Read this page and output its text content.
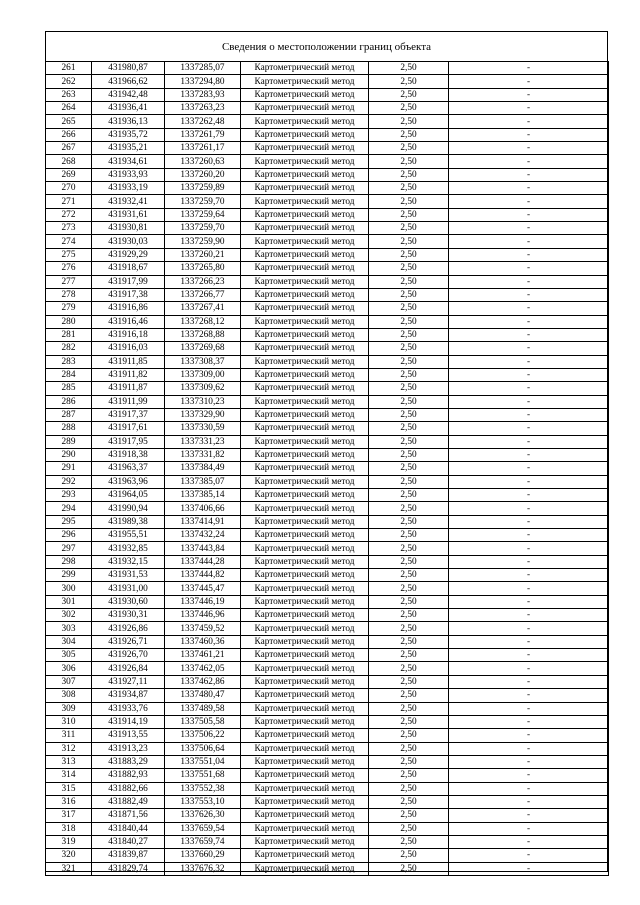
Сведения о местоположении границ объекта
261	431980,87	1337285,07	Картометрический метод	2,50	-
262	431966,62	1337294,80	Картометрический метод	2,50	-
263	431942,48	1337283,93	Картометрический метод	2,50	-
264	431936,41	1337263,23	Картометрический метод	2,50	-
265	431936,13	1337262,48	Картометрический метод	2,50	-
266	431935,72	1337261,79	Картометрический метод	2,50	-
267	431935,21	1337261,17	Картометрический метод	2,50	-
268	431934,61	1337260,63	Картометрический метод	2,50	-
269	431933,93	1337260,20	Картометрический метод	2,50	-
270	431933,19	1337259,89	Картометрический метод	2,50	-
271	431932,41	1337259,70	Картометрический метод	2,50	-
272	431931,61	1337259,64	Картометрический метод	2,50	-
273	431930,81	1337259,70	Картометрический метод	2,50	-
274	431930,03	1337259,90	Картометрический метод	2,50	-
275	431929,29	1337260,21	Картометрический метод	2,50	-
276	431918,67	1337265,80	Картометрический метод	2,50	-
277	431917,99	1337266,23	Картометрический метод	2,50	-
278	431917,38	1337266,77	Картометрический метод	2,50	-
279	431916,86	1337267,41	Картометрический метод	2,50	-
280	431916,46	1337268,12	Картометрический метод	2,50	-
281	431916,18	1337268,88	Картометрический метод	2,50	-
282	431916,03	1337269,68	Картометрический метод	2,50	-
283	431911,85	1337308,37	Картометрический метод	2,50	-
284	431911,82	1337309,00	Картометрический метод	2,50	-
285	431911,87	1337309,62	Картометрический метод	2,50	-
286	431911,99	1337310,23	Картометрический метод	2,50	-
287	431917,37	1337329,90	Картометрический метод	2,50	-
288	431917,61	1337330,59	Картометрический метод	2,50	-
289	431917,95	1337331,23	Картометрический метод	2,50	-
290	431918,38	1337331,82	Картометрический метод	2,50	-
291	431963,37	1337384,49	Картометрический метод	2,50	-
292	431963,96	1337385,07	Картометрический метод	2,50	-
293	431964,05	1337385,14	Картометрический метод	2,50	-
294	431990,94	1337406,66	Картометрический метод	2,50	-
295	431989,38	1337414,91	Картометрический метод	2,50	-
296	431955,51	1337432,24	Картометрический метод	2,50	-
297	431932,85	1337443,84	Картометрический метод	2,50	-
298	431932,15	1337444,28	Картометрический метод	2,50	-
299	431931,53	1337444,82	Картометрический метод	2,50	-
300	431931,00	1337445,47	Картометрический метод	2,50	-
301	431930,60	1337446,19	Картометрический метод	2,50	-
302	431930,31	1337446,96	Картометрический метод	2,50	-
303	431926,86	1337459,52	Картометрический метод	2,50	-
304	431926,71	1337460,36	Картометрический метод	2,50	-
305	431926,70	1337461,21	Картометрический метод	2,50	-
306	431926,84	1337462,05	Картометрический метод	2,50	-
307	431927,11	1337462,86	Картометрический метод	2,50	-
308	431934,87	1337480,47	Картометрический метод	2,50	-
309	431933,76	1337489,58	Картометрический метод	2,50	-
310	431914,19	1337505,58	Картометрический метод	2,50	-
311	431913,55	1337506,22	Картометрический метод	2,50	-
312	431913,23	1337506,64	Картометрический метод	2,50	-
313	431883,29	1337551,04	Картометрический метод	2,50	-
314	431882,93	1337551,68	Картометрический метод	2,50	-
315	431882,66	1337552,38	Картометрический метод	2,50	-
316	431882,49	1337553,10	Картометрический метод	2,50	-
317	431871,56	1337626,30	Картометрический метод	2,50	-
318	431840,44	1337659,54	Картометрический метод	2,50	-
319	431840,27	1337659,74	Картометрический метод	2,50	-
320	431839,87	1337660,29	Картометрический метод	2,50	-
321	431829,74	1337676,32	Картометрический метод	2,50	-
